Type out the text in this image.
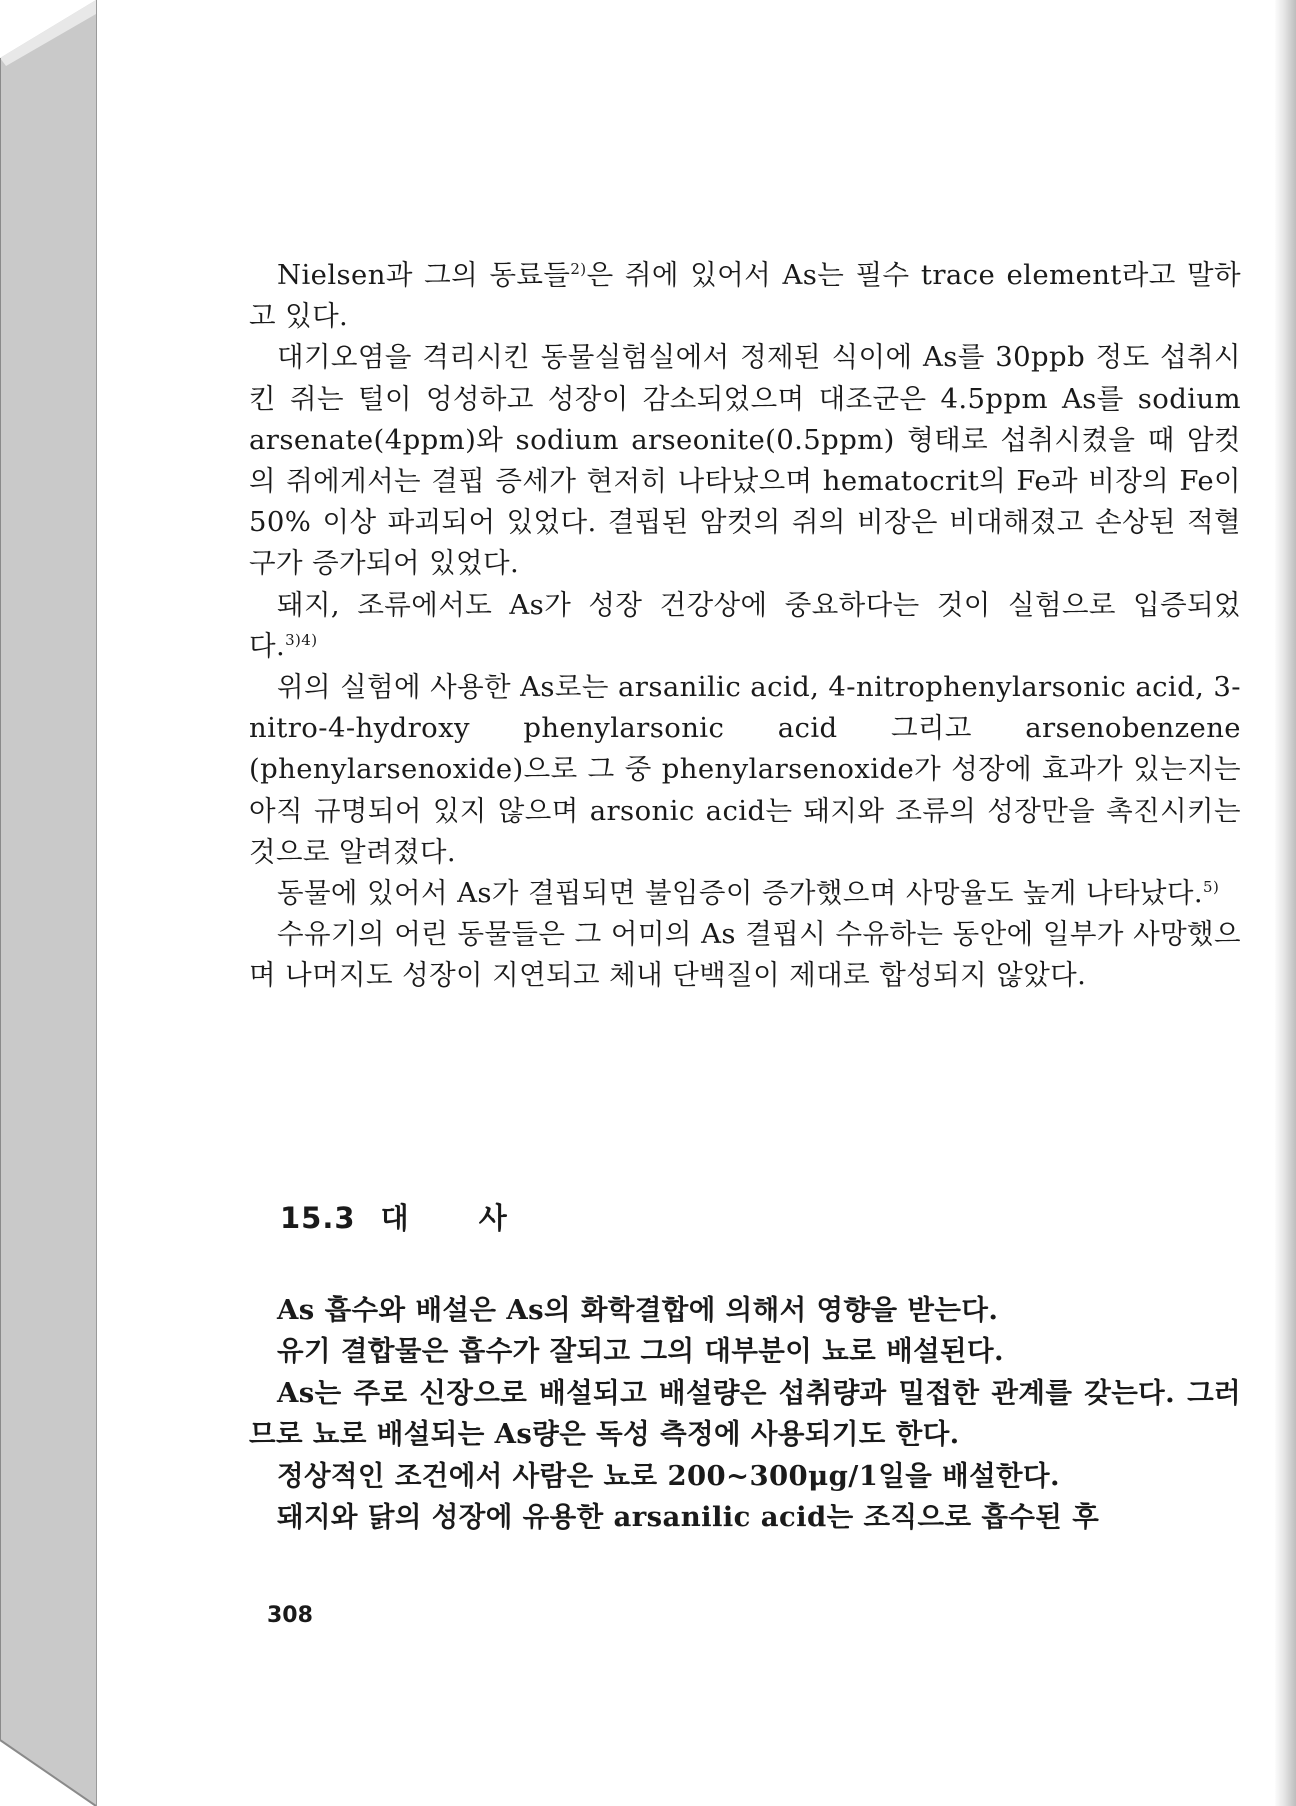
Nielsen과 그의 동료들$^{2)}$은 쥐에 있어서 As는 필수 trace element라고 말하고 있다.

대기오염을 격리시킨 동물실험실에서 정제된 식이에 As를 30ppb 정도 섭취시킨 쥐는 털이 엉성하고 성장이 감소되었으며 대조군은 4.5ppm As를 sodium arsenate(4ppm)와 sodium arseonite(0.5ppm) 형태로 섭취시켰을 때 암컷의 쥐에게서는 결핍 증세가 현저히 나타났으며 hematocrit의 Fe과 비장의 Fe이 50% 이상 파괴되어 있었다. 결핍된 암컷의 쥐의 비장은 비대해졌고 손상된 적혈구가 증가되어 있었다.

돼지, 조류에서도 As가 성장 건강상에 중요하다는 것이 실험으로 입증되었다.$^{3)4)}$

위의 실험에 사용한 As로는 arsanilic acid, 4-nitrophenylarsonic acid, 3-nitro-4-hydroxy phenylarsonic acid 그리고 arsenobenzene (phenylarsenoxide)으로 그 중 phenylarsenoxide가 성장에 효과가 있는지는 아직 규명되어 있지 않으며 arsonic acid는 돼지와 조류의 성장만을 촉진시키는 것으로 알려졌다.

동물에 있어서 As가 결핍되면 불임증이 증가했으며 사망율도 높게 나타났다.$^{5)}$

수유기의 어린 동물들은 그 어미의 As 결핍시 수유하는 동안에 일부가 사망했으며 나머지도 성장이 지연되고 체내 단백질이 제대로 합성되지 않았다.

15.3 대 사

As 흡수와 배설은 As의 화학결합에 의해서 영향을 받는다.

유기 결합물은 흡수가 잘되고 그의 대부분이 뇨로 배설된다.

As는 주로 신장으로 배설되고 배설량은 섭취량과 밀접한 관계를 갖는다. 그러므로 뇨로 배설되는 As량은 독성 측정에 사용되기도 한다.

정상적인 조건에서 사람은 뇨로 200~300μg/1일을 배설한다.

돼지와 닭의 성장에 유용한 arsanilic acid는 조직으로 흡수된 후

308
